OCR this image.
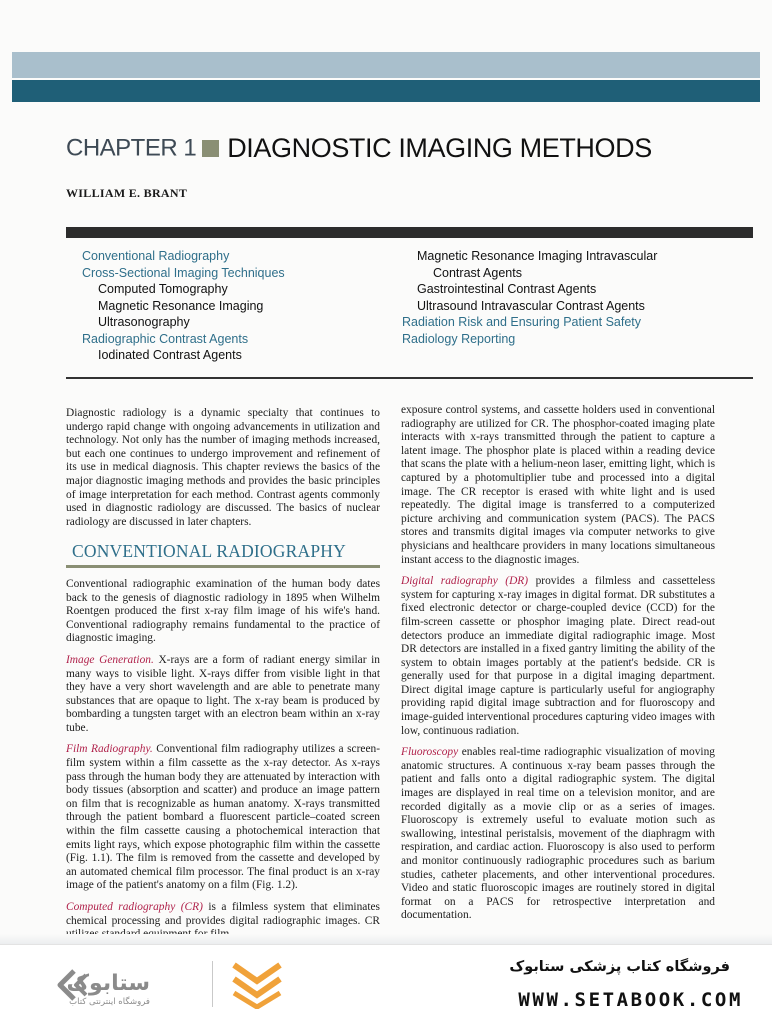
CHAPTER 1 DIAGNOSTIC IMAGING METHODS
WILLIAM E. BRANT
Conventional Radiography
Cross-Sectional Imaging Techniques
Computed Tomography
Magnetic Resonance Imaging
Ultrasonography
Radiographic Contrast Agents
Iodinated Contrast Agents
Magnetic Resonance Imaging Intravascular
Contrast Agents
Gastrointestinal Contrast Agents
Ultrasound Intravascular Contrast Agents
Radiation Risk and Ensuring Patient Safety
Radiology Reporting

Diagnostic radiology is a dynamic specialty that continues to undergo rapid change with ongoing advancements in utilization and technology. Not only has the number of imaging methods increased, but each one continues to undergo improvement and refinement of its use in medical diagnosis. This chapter reviews the basics of the major diagnostic imaging methods and provides the basic principles of image interpretation for each method. Contrast agents commonly used in diagnostic radiology are discussed. The basics of nuclear radiology are discussed in later chapters.

CONVENTIONAL RADIOGRAPHY

Conventional radiographic examination of the human body dates back to the genesis of diagnostic radiology in 1895 when Wilhelm Roentgen produced the first x-ray film image of his wife's hand. Conventional radiography remains fundamental to the practice of diagnostic imaging.

Image Generation. X-rays are a form of radiant energy similar in many ways to visible light. X-rays differ from visible light in that they have a very short wavelength and are able to penetrate many substances that are opaque to light. The x-ray beam is produced by bombarding a tungsten target with an electron beam within an x-ray tube.

Film Radiography. Conventional film radiography utilizes a screen-film system within a film cassette as the x-ray detector. As x-rays pass through the human body they are attenuated by interaction with body tissues (absorption and scatter) and produce an image pattern on film that is recognizable as human anatomy. X-rays transmitted through the patient bombard a fluorescent particle–coated screen within the film cassette causing a photochemical interaction that emits light rays, which expose photographic film within the cassette (Fig. 1.1). The film is removed from the cassette and developed by an automated chemical film processor. The final product is an x-ray image of the patient's anatomy on a film (Fig. 1.2).

Computed radiography (CR) is a filmless system that eliminates chemical processing and provides digital radiographic images. CR

exposure control systems, and cassette holders used in conventional radiography are utilized for CR. The phosphor-coated imaging plate interacts with x-rays transmitted through the patient to capture a latent image. The phosphor plate is placed within a reading device that scans the plate with a helium-neon laser, emitting light, which is captured by a photomultiplier tube and processed into a digital image. The CR receptor is erased with white light and is used repeatedly. The digital image is transferred to a computerized picture archiving and communication system (PACS). The PACS stores and transmits digital images via computer networks to give physicians and healthcare providers in many locations simultaneous instant access to the diagnostic images.

Digital radiography (DR) provides a filmless and cassetteless system for capturing x-ray images in digital format. DR substitutes a fixed electronic detector or charge-coupled device (CCD) for the film-screen cassette or phosphor imaging plate. Direct read-out detectors produce an immediate digital radiographic image. Most DR detectors are installed in a fixed gantry limiting the ability of the system to obtain images portably at the patient's bedside. CR is generally used for that purpose in a digital imaging department. Direct digital image capture is particularly useful for angiography providing rapid digital image subtraction and for fluoroscopy and image-guided interventional procedures capturing video images with low, continuous radiation.

Fluoroscopy enables real-time radiographic visualization of moving anatomic structures. A continuous x-ray beam passes through the patient and falls onto a digital radiographic system. The digital images are displayed in real time on a television monitor, and are recorded digitally as a movie clip or as a series of images. Fluoroscopy is extremely useful to evaluate motion such as swallowing, intestinal peristalsis, movement of the diaphragm with respiration, and cardiac action. Fluoroscopy is also used to perform and monitor continuously radiographic procedures such as barium studies, catheter placements, and other interventional procedures. Video and static fluoroscopic images are routinely stored in digital format on a PACS for retrospective interpretation and documentation.

ستابوک
فروشگاه اینترنتی کتاب
فروشگاه کتاب پزشکی ستابوک
WWW.SETABOOK.COM
